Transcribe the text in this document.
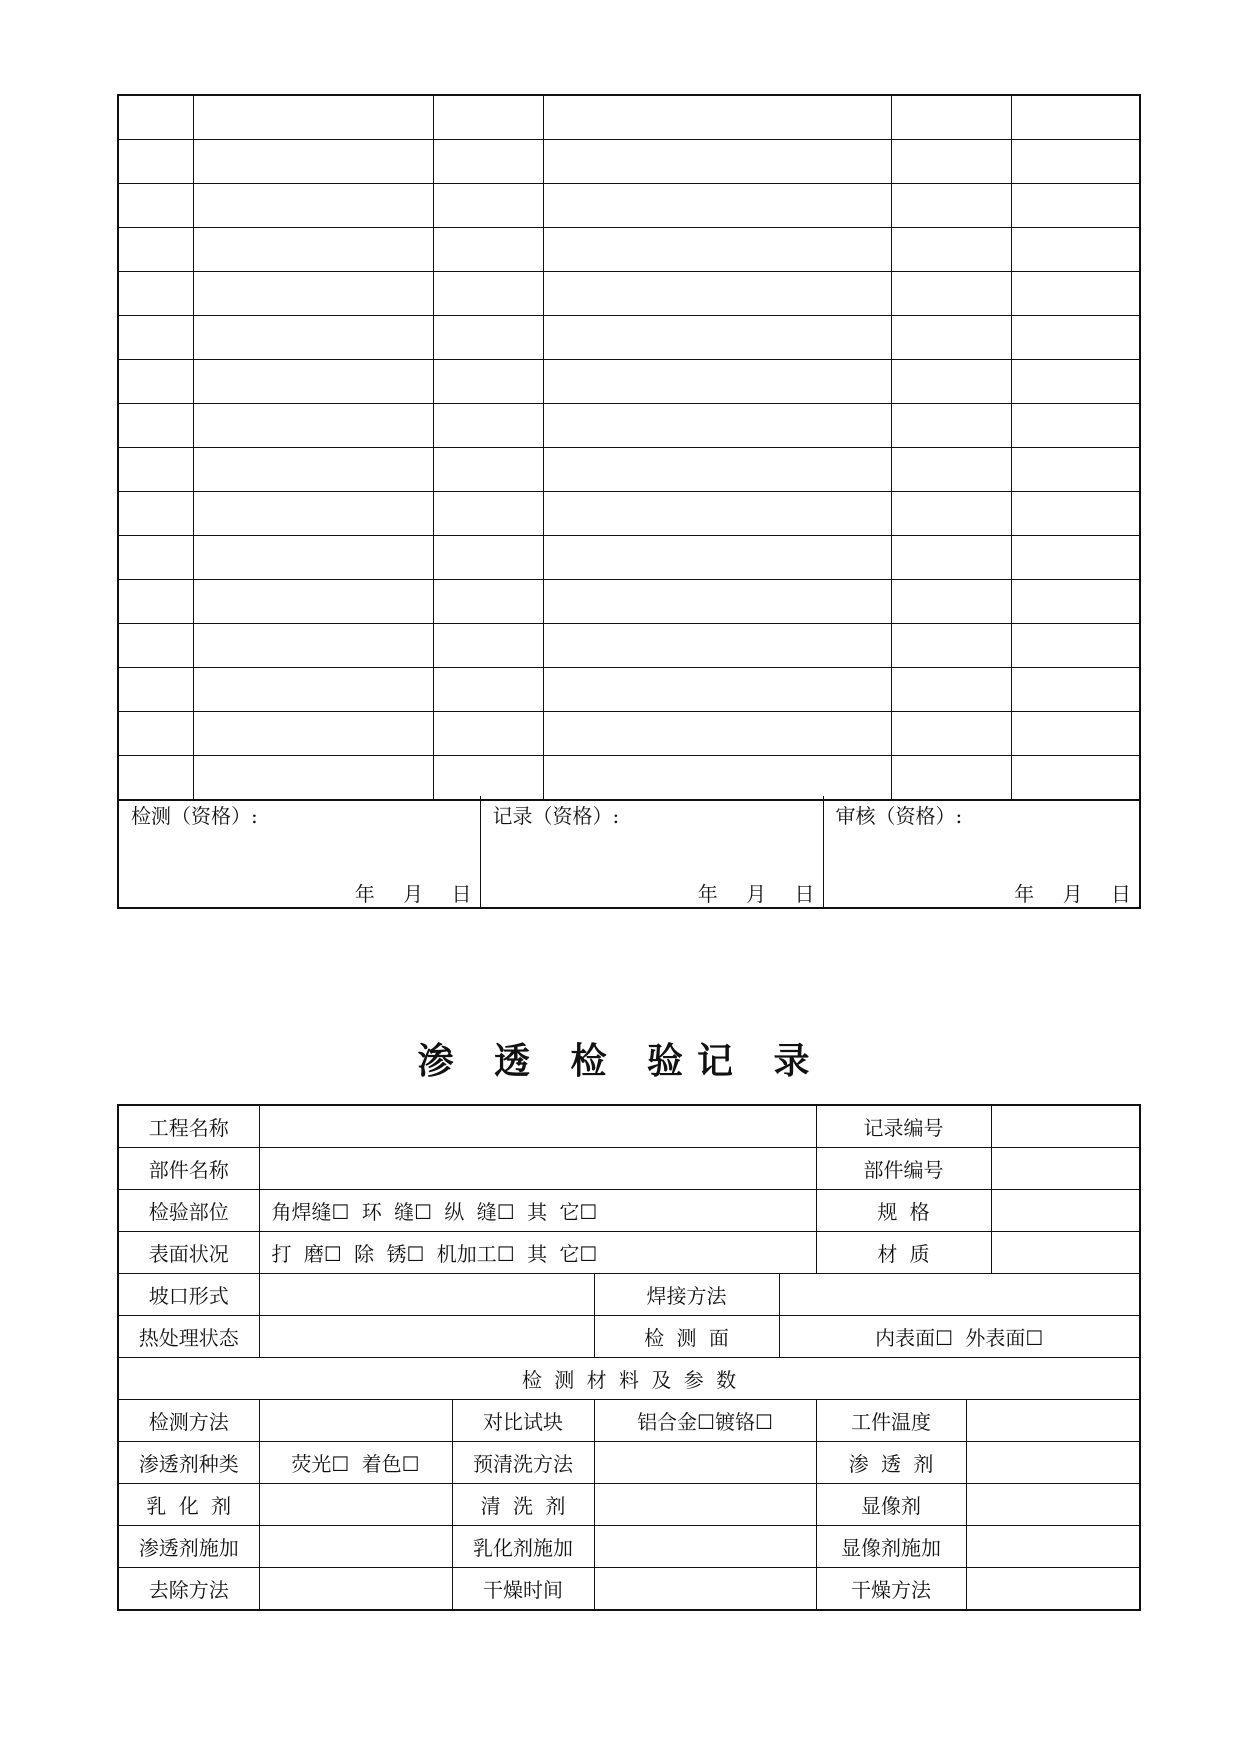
检测（资格）:
年 月 日

记录（资格）:
年 月 日

审核（资格）:
年 月 日
渗 透 检 验记 录
工程名称					记录编号		
部件名称					部件编号		
检验部位	角焊缝☐ 环 缝☐ 纵 缝☐ 其 它☐				规 格		
表面状况	打 磨☐ 除 锈☐ 机加工☐ 其 它☐				材 质		
坡口形式			焊接方法				
热处理状态			检 测 面	内表面☐ 外表面☐			
检 测 材 料 及 参 数							
检测方法		对比试块	铝合金☐镀铬☐		工件温度		
渗透剂种类	荧光☐ 着色☐	预清洗方法			渗 透 剂		
乳 化 剂		清 洗 剂			显像剂		
渗透剂施加		乳化剂施加			显像剂施加		
去除方法		干燥时间			干燥方法		
